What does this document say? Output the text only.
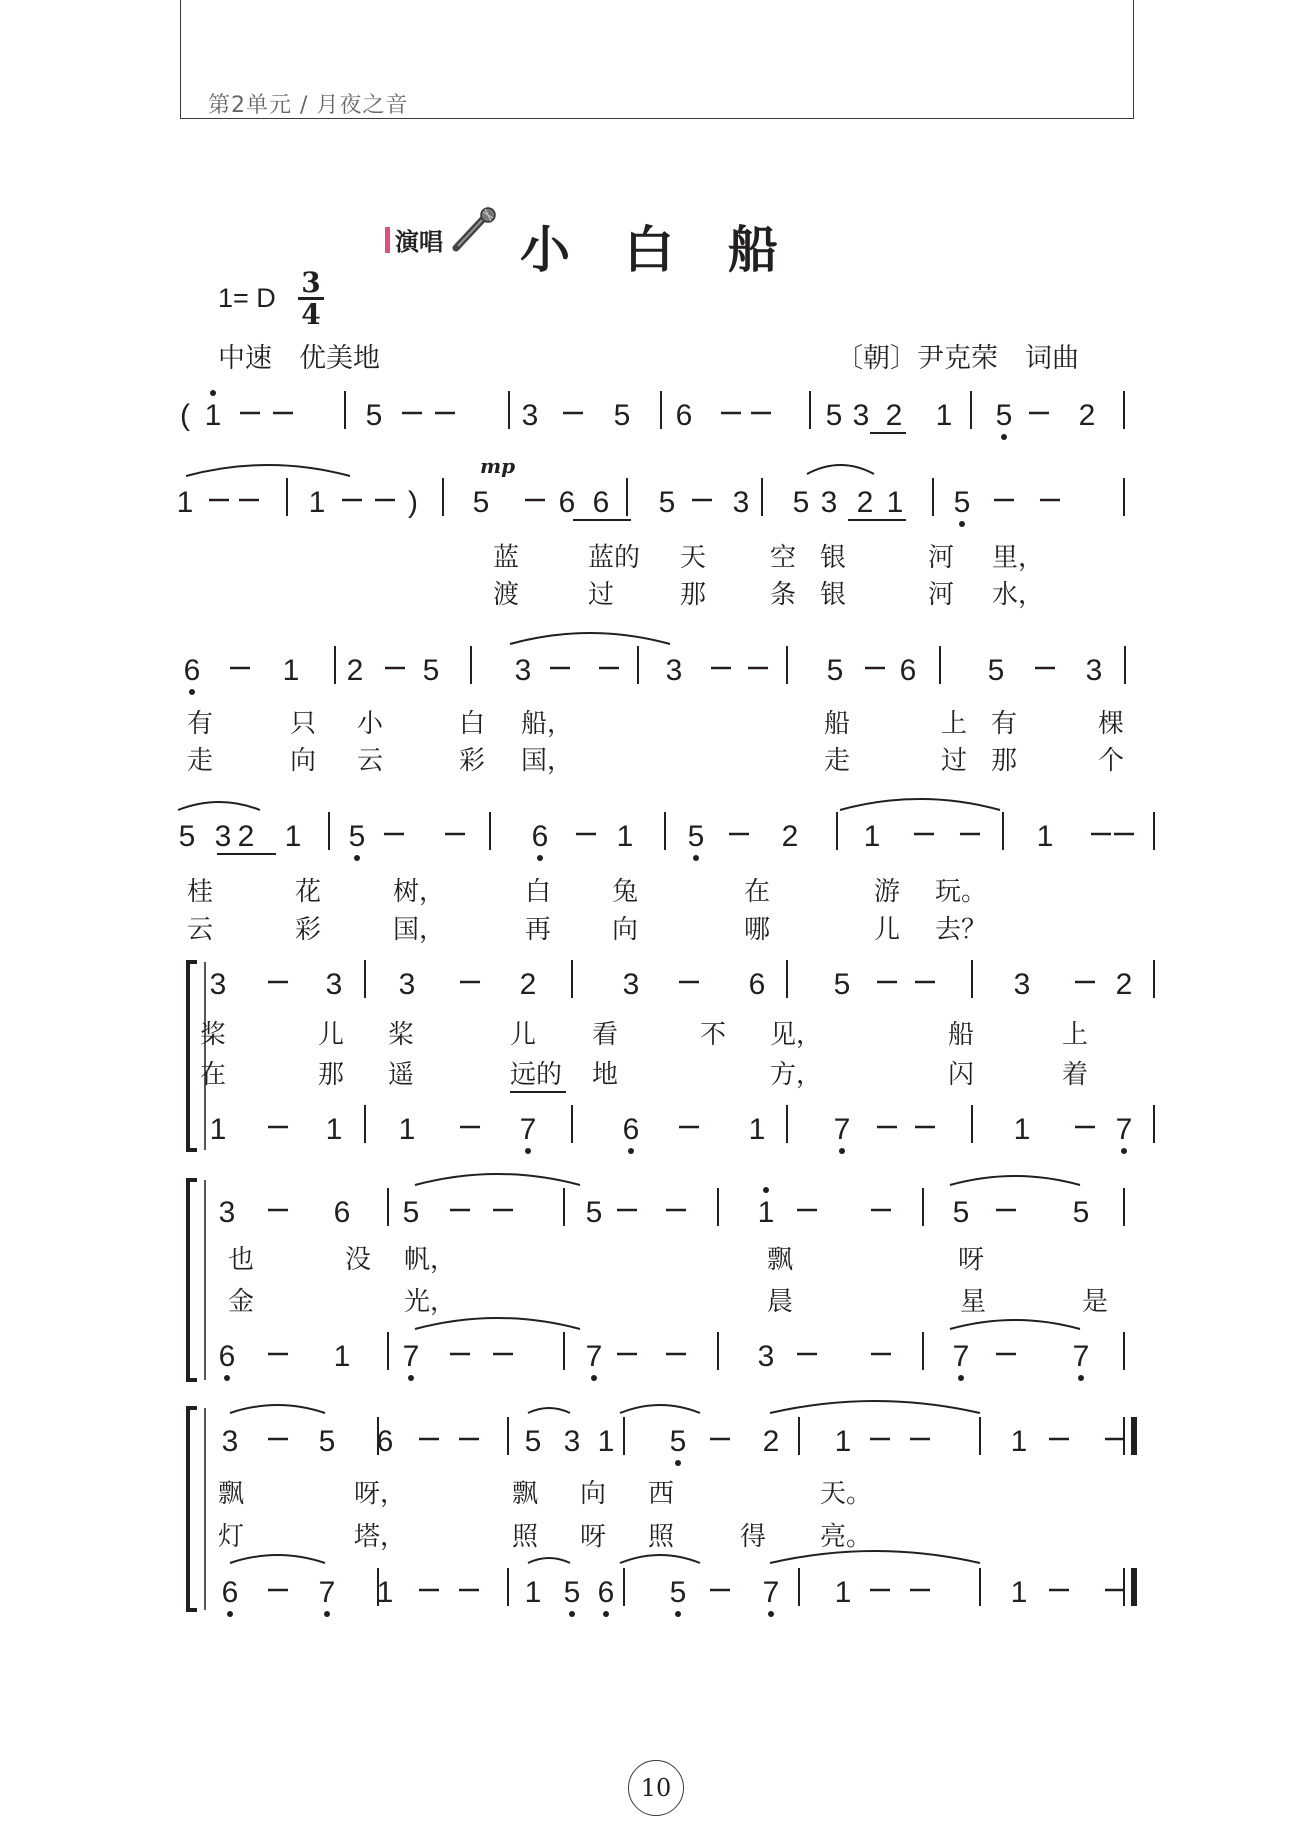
第2单元 / 月夜之音
演唱 小白船
1= D 3
4
中速　优美地	〔朝〕尹克荣　词曲
( 1	5	3	5 6	5 3 2 1 5 2
1	1	) 5 6 6 5 3 5 3 2 1 5
蓝	蓝的 天 空 银	河 里，
渡	过	那 条 银	河 水，
mp
6	1 2 5	3	3	5 6 5	3
有	只 小	白 船，	船	上 有	棵
走	向 云	彩 国，	走	过 那	个
5 3 2 1 5	6 1 5	2 1	1
桂	花	树，	白 兔	在	游 玩。
云	彩	国，	再 向	哪	儿 去？
3	3 3	2	3	6 5	3	2
桨	儿 桨	儿 看	不 见，	船	上
在	那 遥	远的 地	方，	闪	着
1	1 1	7	6	1 7	1	7
3	6 5	5	1	5	5
也	没 帆，	飘	呀
金	光，	晨	星	是
6	1 7	7	3	7	7
3	5 6	5 3 1 5	2 1	1
飘	呀，	飘 向 西	天。
灯	塔，	照 呀 照	得 亮。
6	7 1	1 5 6 5	7 1	1
10
